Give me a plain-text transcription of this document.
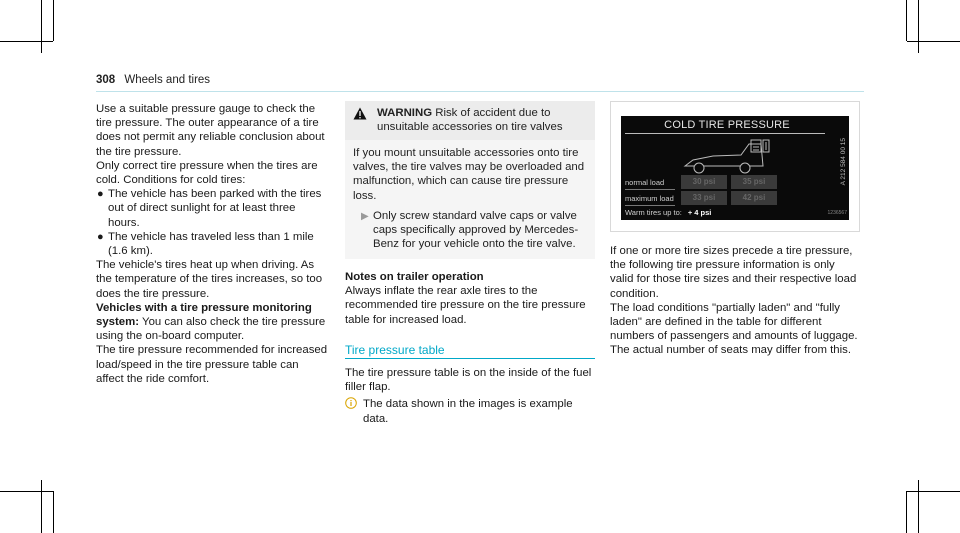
308 Wheels and tires

Use a suitable pressure gauge to check the tire pressure. The outer appearance of a tire does not permit any reliable conclusion about the tire pressure.

Only correct tire pressure when the tires are cold. Conditions for cold tires:

● The vehicle has been parked with the tires out of direct sunlight for at least three hours.
● The vehicle has traveled less than 1 mile (1.6 km).

The vehicle's tires heat up when driving. As the temperature of the tires increases, so too does the tire pressure.

Vehicles with a tire pressure monitoring system: You can also check the tire pressure using the on-board computer.

The tire pressure recommended for increased load/speed in the tire pressure table can affect the ride comfort.

WARNING Risk of accident due to unsuitable accessories on tire valves

If you mount unsuitable accessories onto tire valves, the tire valves may be overloaded and malfunction, which can cause tire pressure loss.

▶ Only screw standard valve caps or valve caps specifically approved by Mercedes-Benz for your vehicle onto the tire valve.

Notes on trailer operation

Always inflate the rear axle tires to the recommended tire pressure on the tire pressure table for increased load.

Tire pressure table

The tire pressure table is on the inside of the fuel filler flap.

The data shown in the images is example data.
COLD TIRE PRESSURE
normal load
maximum load
30 psi	35 psi
33 psi	42 psi
Warm tires up to: + 4 psi
A 212 584 00 15
1236567

If one or more tire sizes precede a tire pressure, the following tire pressure information is only valid for those tire sizes and their respective load condition.

The load conditions "partially laden" and "fully laden" are defined in the table for different numbers of passengers and amounts of luggage. The actual number of seats may differ from this.
